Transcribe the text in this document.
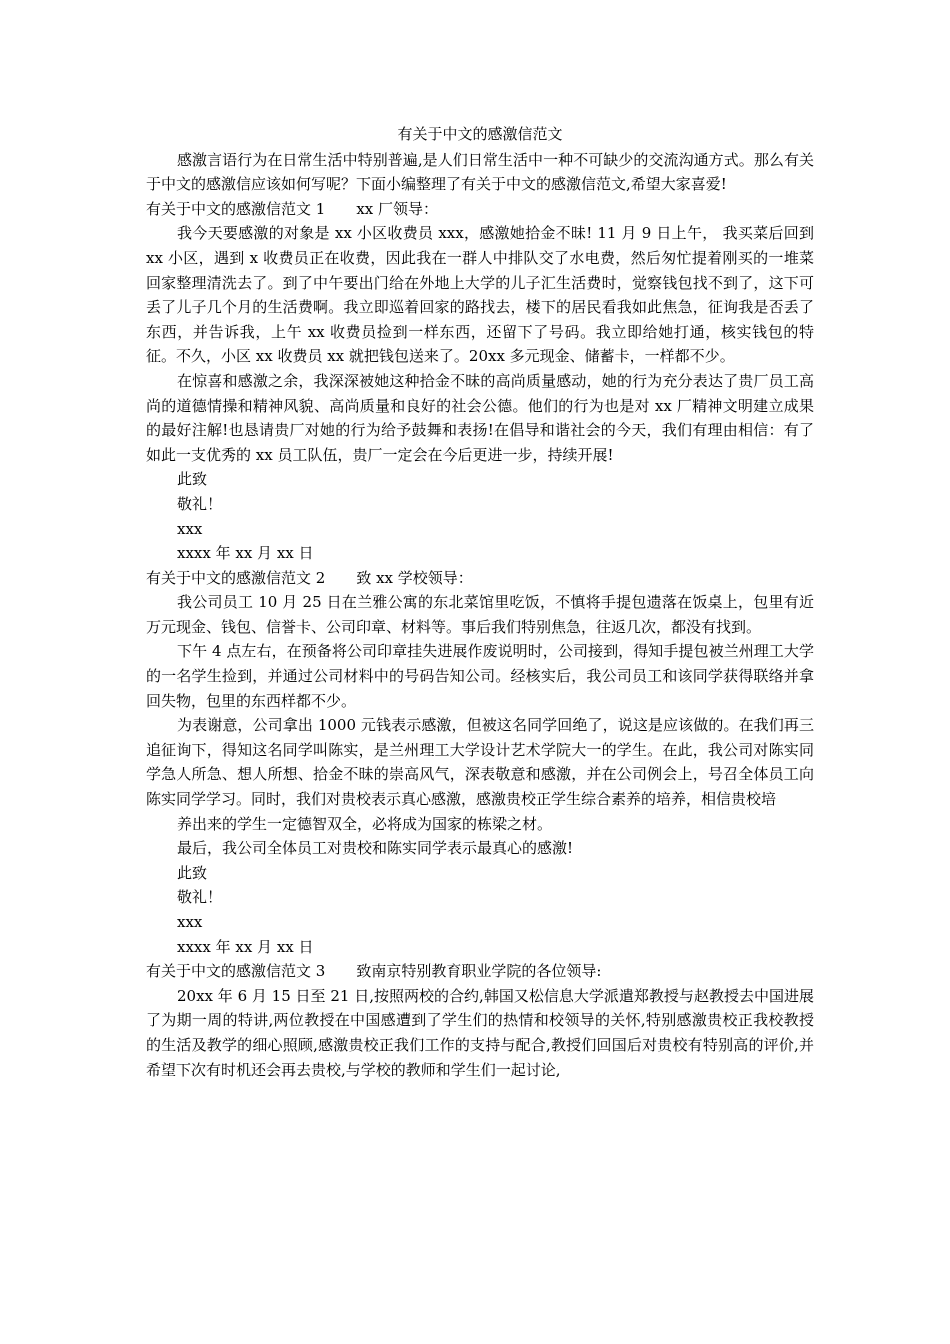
有关于中文的感激信范文
感激言语行为在日常生活中特别普遍,是人们日常生活中一种不可缺少的交流沟通方式。那么有关于中文的感激信应该如何写呢？下面小编整理了有关于中文的感激信范文,希望大家喜爱!
有关于中文的感激信范文 1 xx 厂领导：
我今天要感激的对象是 xx 小区收费员 xxx，感激她拾金不昧! 11 月 9 日上午， 我买菜后回到 xx 小区，遇到 x 收费员正在收费，因此我在一群人中排队交了水电费，然后匆忙提着刚买的一堆菜回家整理清洗去了。到了中午要出门给在外地上大学的儿子汇生活费时，觉察钱包找不到了，这下可丢了儿子几个月的生活费啊。我立即巡着回家的路找去，楼下的居民看我如此焦急，征询我是否丢了东西，并告诉我，上午 xx 收费员捡到一样东西，还留下了号码。我立即给她打通，核实钱包的特征。不久，小区 xx 收费员 xx 就把钱包送来了。20xx 多元现金、储蓄卡，一样都不少。
在惊喜和感激之余，我深深被她这种拾金不昧的高尚质量感动，她的行为充分表达了贵厂员工高尚的道德情操和精神风貌、高尚质量和良好的社会公德。他们的行为也是对 xx 厂精神文明建立成果的最好注解!也恳请贵厂对她的行为给予鼓舞和表扬!在倡导和谐社会的今天，我们有理由相信：有了如此一支优秀的 xx 员工队伍，贵厂一定会在今后更进一步，持续开展!
此致
敬礼！
xxx
xxxx 年 xx 月 xx 日
有关于中文的感激信范文 2 致 xx 学校领导：
我公司员工 10 月 25 日在兰雅公寓的东北菜馆里吃饭，不慎将手提包遗落在饭桌上，包里有近万元现金、钱包、信誉卡、公司印章、材料等。事后我们特别焦急，往返几次，都没有找到。
下午 4 点左右，在预备将公司印章挂失进展作废说明时，公司接到，得知手提包被兰州理工大学的一名学生捡到，并通过公司材料中的号码告知公司。经核实后，我公司员工和该同学获得联络并拿回失物，包里的东西样都不少。
为表谢意，公司拿出 1000 元钱表示感激，但被这名同学回绝了，说这是应该做的。在我们再三追征询下，得知这名同学叫陈实，是兰州理工大学设计艺术学院大一的学生。在此，我公司对陈实同学急人所急、想人所想、拾金不昧的崇高风气，深表敬意和感激，并在公司例会上，号召全体员工向陈实同学学习。同时，我们对贵校表示真心感激，感激贵校正学生综合素养的培养，相信贵校培
养出来的学生一定德智双全，必将成为国家的栋梁之材。
最后，我公司全体员工对贵校和陈实同学表示最真心的感激!
此致
敬礼！
xxx
xxxx 年 xx 月 xx 日
有关于中文的感激信范文 3 致南京特别教育职业学院的各位领导:
20xx 年 6 月 15 日至 21 日,按照两校的合约,韩国又松信息大学派遣郑教授与赵教授去中国进展了为期一周的特讲,两位教授在中国感遭到了学生们的热情和校领导的关怀,特别感激贵校正我校教授的生活及教学的细心照顾,感激贵校正我们工作的支持与配合,教授们回国后对贵校有特别高的评价,并希望下次有时机还会再去贵校,与学校的教师和学生们一起讨论,
